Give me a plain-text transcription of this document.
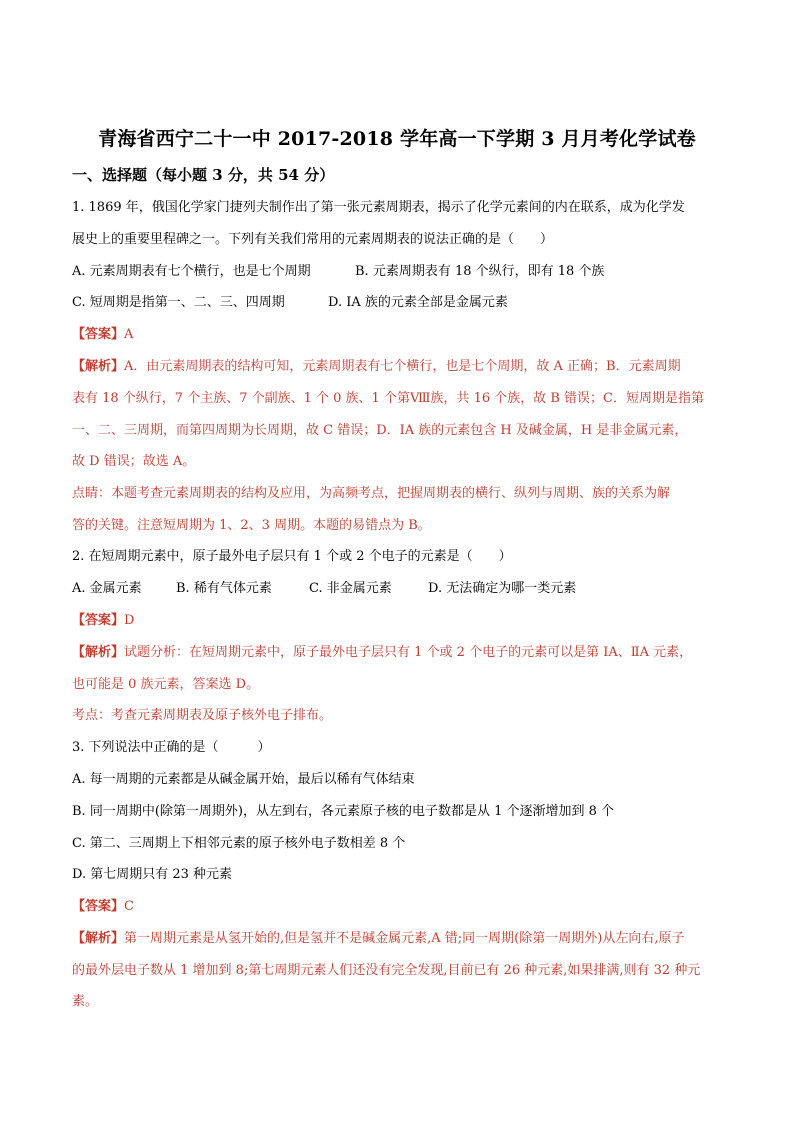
青海省西宁二十一中 2017-2018 学年高一下学期 3 月月考化学试卷
一、选择题（每小题 3 分，共 54 分）
1. 1869 年，俄国化学家门捷列夫制作出了第一张元素周期表，揭示了化学元素间的内在联系，成为化学发
展史上的重要里程碑之一。下列有关我们常用的元素周期表的说法正确的是（　　）
A. 元素周期表有七个横行，也是七个周期	B. 元素周期表有 18 个纵行，即有 18 个族
C. 短周期是指第一、二、三、四周期	D. ⅠA 族的元素全部是金属元素
【答案】A
【解析】A．由元素周期表的结构可知，元素周期表有七个横行，也是七个周期，故 A 正确；B．元素周期
表有 18 个纵行，7 个主族、7 个副族、1 个 0 族、1 个第Ⅷ族，共 16 个族，故 B 错误；C．短周期是指第
一、二、三周期，而第四周期为长周期，故 C 错误；D．ⅠA 族的元素包含 H 及碱金属，H 是非金属元素，
故 D 错误；故选 A。
点睛：本题考查元素周期表的结构及应用，为高频考点，把握周期表的横行、纵列与周期、族的关系为解
答的关键。注意短周期为 1、2、3 周期。本题的易错点为 B。
2. 在短周期元素中，原子最外电子层只有 1 个或 2 个电子的元素是（　　）
A. 金属元素	B. 稀有气体元素	C. 非金属元素	D. 无法确定为哪一类元素
【答案】D
【解析】试题分析：在短周期元素中，原子最外电子层只有 1 个或 2 个电子的元素可以是第 IA、ⅡA 元素，
也可能是 0 族元素，答案选 D。
考点：考查元素周期表及原子核外电子排布。
3. 下列说法中正确的是（　　　）
A. 每一周期的元素都是从碱金属开始，最后以稀有气体结束
B. 同一周期中(除第一周期外)，从左到右，各元素原子核的电子数都是从 1 个逐渐增加到 8 个
C. 第二、三周期上下相邻元素的原子核外电子数相差 8 个
D. 第七周期只有 23 种元素
【答案】C
【解析】第一周期元素是从氢开始的,但是氢并不是碱金属元素,A 错;同一周期(除第一周期外)从左向右,原子
的最外层电子数从 1 增加到 8;第七周期元素人们还没有完全发现,目前已有 26 种元素,如果排满,则有 32 种元
素。
